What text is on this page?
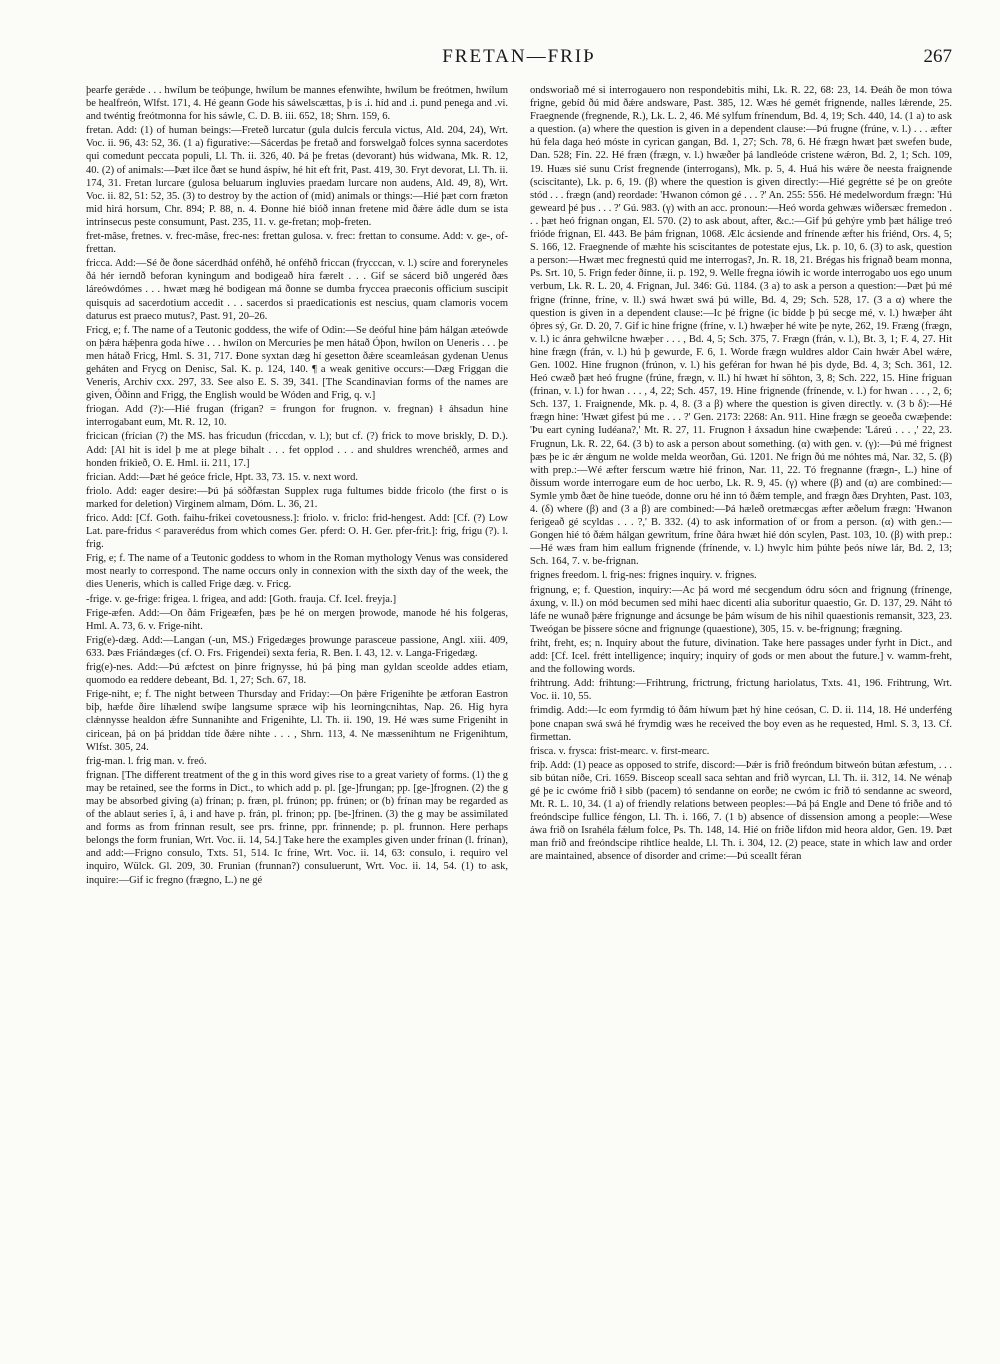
FRETAN—FRIÞ	267

þearfe gerǽde . . . hwílum be teóþunge, hwílum be mannes efenwihte, hwílum be freótmen, hwílum be healfreón, Wlfst. 171, 4. Hé geann Gode his sáwelscættas, þ is .i. híd and .i. pund penega and .vi. and twéntig freótmonna for his sáwle, C. D. B. iii. 652, 18; Shrn. 159, 6.

fretan. Add: (1) of human beings:—Freteð lurcatur (gula dulcis fercula victus, Ald. 204, 24), Wrt. Voc. ii. 96, 43: 52, 36. (1 a) figurative:—Sácerdas þe fretað and forswelgað folces synna sacerdotes qui comedunt peccata populi, Ll. Th. ii. 326, 40. Þá þe fretas (devorant) hús widwana, Mk. R. 12, 40. (2) of animals:—Þæt ilce ðæt se hund áspíw, hé hit eft frit, Past. 419, 30. Fryt devorat, Ll. Th. ii. 174, 31. Fretan lurcare (gulosa beluarum ingluvies praedam lurcare non audens, Ald. 49, 8), Wrt. Voc. ii. 82, 51: 52, 35. (3) to destroy by the action of (mid) animals or things:—Hié þæt corn fræton mid hirá horsum, Chr. 894; P. 88, n. 4. Ðonne hié bióð innan fretene mid ðǽre ádle dum se ista intrinsecus peste consumunt, Past. 235, 11. v. ge-fretan; moþ-freten.

fret-mâse, fretnes. v. frec-mâse, frec-nes: frettan gulosa. v. frec: frettan to consume. Add: v. ge-, of-frettan.

fricca. Add:—Sé ðe ðone sácerdhád onféhð, hé onféhð friccan (frycccan, v. l.) scíre and foreryneles ðá hér ierndð beforan kyningum and bodigeað híra færelt . . . Gif se sácerd bið ungeréd ðæs láreówdómes . . . hwæt mæg hé bodigean má ðonne se dumba fryccea praeconis officium suscipit quisquis ad sacerdotium accedit . . . sacerdos si praedicationis est nescius, quam clamoris vocem daturus est praeco mutus?, Past. 91, 20–26.

Fricg, e; f. The name of a Teutonic goddess, the wife of Odin:—Se deóful hine þám hálgan æteówde on þǽra hǽþenra goda híwe . . . hwílon on Mercuries þe men hátað Óþon, hwílon on Ueneris . . . þe men hátað Fricg, Hml. S. 31, 717. Ðone syxtan dæg hí gesetton ðǽre sceamleásan gydenan Uenus geháten and Frycg on Denisc, Sal. K. p. 124, 140. ¶ a weak genitive occurs:—Dæg Friggan die Veneris, Archiv cxx. 297, 33. See also E. S. 39, 341. [The Scandinavian forms of the names are given, Óðinn and Frigg, the English would be Wóden and Frig, q. v.]

friogan. Add (?):—Hié frugan (frigan? = frungon for frugnon. v. fregnan) ł áhsadun hine interrogabant eum, Mt. R. 12, 10.

fricican (frícian (?) the MS. has fricudun (friccdan, v. l.); but cf. (?) frick to move briskly, D. D.). Add: [Al hit is idel þ me at plege bihalt . . . fet opplod . . . and shuldres wrenchéð, armes and honden frikieð, O. E. Hml. ii. 211, 17.]

frician. Add:—Þæt hé geóce fricle, Hpt. 33, 73. 15. v. next word.

friolo. Add: eager desire:—Þú þá sóðfæstan Supplex ruga fultumes bidde fricolo (the first o is marked for deletion) Virginem almam, Dóm. L. 36, 21.

frico. Add: [Cf. Goth. faihu-frikei covetousness.]: friolo. v. friclo: frid-hengest. Add: [Cf. (?) Low Lat. pare-fridus < paraverédus from which comes Ger. pferd: O. H. Ger. pfer-frit.]: frig, frigu (?). l. frig.

Frig, e; f. The name of a Teutonic goddess to whom in the Roman mythology Venus was considered most nearly to correspond. The name occurs only in connexion with the sixth day of the week, the dies Ueneris, which is called Frige dæg. v. Fricg.

-frige. v. ge-frige: frigea. l. frigea, and add: [Goth. frauja. Cf. Icel. freyja.]

Frige-æfen. Add:—On ðám Frigeæfen, þæs þe hé on mergen þrowode, manode hé his folgeras, Hml. A. 73, 6. v. Frige-niht.

Frig(e)-dæg. Add:—Langan (-un, MS.) Frigedæges þrowunge parasceue passione, Angl. xiii. 409, 633. Þæs Friándæges (cf. O. Frs. Frigendei) sexta feria, R. Ben. I. 43, 12. v. Langa-Frigedæg.

frig(e)-nes. Add:—Þú æfctest on þinre frignysse, hú þá þing man gyldan sceolde addes etiam, quomodo ea reddere debeant, Bd. 1, 27; Sch. 67, 18.

Frige-niht, e; f. The night between Thursday and Friday:—On þǽre Frigenihte þe ætforan Eastron biþ, hæfde ðire líhælend swíþe langsume spræce wiþ his leorningcnihtas, Nap. 26. Hig hyra clǽnnysse healdon ǽfre Sunnanihte and Frigenihte, Ll. Th. ii. 190, 19. Hé wæs sume Frigeniht in ciricean, þá on þá þriddan tíde ðǽre nihte . . . , Shrn. 113, 4. Ne mæssenihtum ne Frigenihtum, Wlfst. 305, 24.

frig-man. l. frig man. v. freó.

frignan. [The different treatment of the g in this word gives rise to a great variety of forms. (1) the g may be retained, see the forms in Dict., to which add p. pl. [ge-]frungan; pp. [ge-]frognen. (2) the g may be absorbed giving (a) frínan; p. fræn, pl. frúnon; pp. frúnen; or (b) frínan may be regarded as of the ablaut series î, â, i and have p. frán, pl. frinon; pp. [be-]frinen. (3) the g may be assimilated and forms as from frinnan result, see prs. frinne, ppr. frinnende; p. pl. frunnon. Here perhaps belongs the form frunian, Wrt. Voc. ii. 14, 54.] Take here the examples given under frínan (l. frínan), and add:—Frigno consulo, Txts. 51, 514. Ic fríne, Wrt. Voc. ii. 14, 63: consulo, i. requiro vel inquiro, Wülck. Gl. 209, 30. Frunian (frunnan?) consuluerunt, Wrt. Voc. ii. 14, 54. (1) to ask, inquire:—Gif ic fregno (frægno, L.) ne gé

ondsworiað mé si interrogauero non respondebitis mihi, Lk. R. 22, 68: 23, 14. Ðeáh ðe mon tówa frigne, gebíd ðú mid ðǽre andsware, Past. 385, 12. Wæs hé gemét frignende, nalles lǽrende, 25. Fraegnende (fregnende, R.), Lk. L. 2, 46. Mé sylfum frínendum, Bd. 4, 19; Sch. 440, 14. (1 a) to ask a question. (a) where the question is given in a dependent clause:—Þú frugne (frúne, v. l.) . . . æfter hú fela daga heó móste in cyrican gangan, Bd. 1, 27; Sch. 78, 6. Hé frægn hwæt þæt swefen bude, Dan. 528; Fin. 22. Hé fræn (frægn, v. l.) hwæðer þá landleóde cristene wǽron, Bd. 2, 1; Sch. 109, 19. Huæs sié sunu Críst fregnende (interrogans), Mk. p. 5, 4. Huá his wǽre ðe neesta fraignende (sciscitante), Lk. p. 6, 19. (β) where the question is given directly:—Hié gegrétte sé þe on greóte stód . . . frægn (and) reordade: 'Hwanon cómon gé . . . ?' An. 255: 556. Hé medelwordum frægn: 'Hú geweard þé þus . . . ?' Gú. 983. (γ) with an acc. pronoun:—Heó worda gehwæs wiðersæc fremedon . . . þæt heó frignan ongan, El. 570. (2) to ask about, after, &c.:—Gif þú gehýre ymb þæt hálige treó frióde frignan, El. 443. Be þám frignan, 1068. Ælc ácsiende and frínende æfter his friénd, Ors. 4, 5; S. 166, 12. Fraegnende of mæhte his sciscitantes de potestate ejus, Lk. p. 10, 6. (3) to ask, question a person:—Hwæt mec fregnestú quid me interrogas?, Jn. R. 18, 21. Brégas his frignað beam monna, Ps. Srt. 10, 5. Frign feder ðínne, ii. p. 192, 9. Welle fregna iówih ic worde interrogabo uos ego unum verbum, Lk. R. L. 20, 4. Frignan, Jul. 346: Gú. 1184. (3 a) to ask a person a question:—Þæt þú mé frigne (frínne, fríne, v. ll.) swá hwæt swá þú wille, Bd. 4, 29; Sch. 528, 17. (3 a α) where the question is given in a dependent clause:—Ic þé frigne (ic bidde þ þú secge mé, v. l.) hwæþer áht óþres sý, Gr. D. 20, 7. Gif ic hine frigne (fríne, v. l.) hwæþer hé wite þe nyte, 262, 19. Fræng (frægn, v. l.) ic ánra gehwilcne hwæþer . . . , Bd. 4, 5; Sch. 375, 7. Frægn (frán, v. l.), Bt. 3, 1; F. 4, 27. Hit hine frægn (frán, v. l.) hú þ gewurde, F. 6, 1. Worde frægn wuldres aldor Cain hwǽr Abel wǽre, Gen. 1002. Hine frugnon (frúnon, v. l.) his geféran for hwan hé þis dyde, Bd. 4, 3; Sch. 361, 12. Heó cwæð þæt heó frugne (frúne, frægn, v. ll.) hí hwæt hí söhton, 3, 8; Sch. 222, 15. Hine friguan (frinan, v. l.) for hwan . . . , 4, 22; Sch. 457, 19. Hine frignende (frínende, v. l.) for hwan . . . , 2, 6; Sch. 137, 1. Fraignende, Mk. p. 4, 8. (3 a β) where the question is given directly. v. (3 b δ):—Hé frægn hine: 'Hwæt gifest þú me . . . ?' Gen. 2173: 2268: An. 911. Hine frægn se geoeða cwæþende: 'Þu eart cyning Iudéana?,' Mt. R. 27, 11. Frugnon ł áxsadun hine cwæþende: 'Láreú . . . ,' 22, 23. Frugnun, Lk. R. 22, 64. (3 b) to ask a person about something. (α) with gen. v. (γ):—Þú mé frignest þæs þe ic ǽr ǽngum ne wolde melda weorðan, Gú. 1201. Ne frign ðú me nóhtes má, Nar. 32, 5. (β) with prep.:—Wé æfter ferscum wætre hié frinon, Nar. 11, 22. Tó fregnanne (frægn-, L.) hine of ðissum worde interrogare eum de hoc uerbo, Lk. R. 9, 45. (γ) where (β) and (α) are combined:—Symle ymb ðæt ðe hine tueóde, donne oru hé inn tó ðǽm temple, and frægn ðæs Dryhten, Past. 103, 4. (δ) where (β) and (3 a β) are combined:—Þá hæleð oretmæcgas æfter æðelum frægn: 'Hwanon ferigeað gé scyldas . . . ?,' B. 332. (4) to ask information of or from a person. (α) with gen.:—Gongen hié tó ðǽm hálgan gewritum, fríne ðára hwæt hié dón scylen, Past. 103, 10. (β) with prep.:—Hé wæs fram him eallum frignende (frínende, v. l.) hwylc him þúhte þeós níwe lár, Bd. 2, 13; Sch. 164, 7. v. be-frignan.

frignes freedom. l. frig-nes: frignes inquiry. v. frignes.

frignung, e; f. Question, inquiry:—Ac þá word mé secgendum ódru sócn and frignung (frínenge, áxung, v. ll.) on mód becumen sed mihi haec dicenti alia suboritur quaestio, Gr. D. 137, 29. Náht tó láfe ne wunað þǽre frignunge and ácsunge be þám wísum de his nihil quaestionis remansit, 323, 23. Tweógan be þissere sócne and frignunge (quaestione), 305, 15. v. be-frignung; frægning.

friht, freht, es; n. Inquiry about the future, divination. Take here passages under fyrht in Dict., and add: [Cf. Icel. frétt intelligence; inquiry; inquiry of gods or men about the future.] v. wamm-freht, and the following words.

frihtrung. Add: frihtung:—Frihtrung, frictrung, frictung hariolatus, Txts. 41, 196. Frihtrung, Wrt. Voc. ii. 10, 55.

frimdig. Add:—Ic eom fyrmdig tó ðám híwum þæt hý hine ceósan, C. D. ii. 114, 18. Hé underféng þone cnapan swá swá hé frymdig wæs he received the boy even as he requested, Hml. S. 3, 13. Cf. firmettan.

frisca. v. frysca: frist-mearc. v. first-mearc.

friþ. Add: (1) peace as opposed to strife, discord:—Þǽr is frið freóndum bitweón bútan æfestum, . . . sib bútan níðe, Cri. 1659. Bisceop sceall saca sehtan and frið wyrcan, Ll. Th. ii. 312, 14. Ne wénaþ gé þe ic cwóme frið ł sibb (pacem) tó sendanne on eorðe; ne cwóm ic frið tó sendanne ac sweord, Mt. R. L. 10, 34. (1 a) of friendly relations between peoples:—Þá þá Engle and Dene tó friðe and tó freóndscipe fullice féngon, Ll. Th. i. 166, 7. (1 b) absence of dissension among a people:—Wese áwa frið on Israhéla fǽlum folce, Ps. Th. 148, 14. Hié on friðe lifdon mid heora aldor, Gen. 19. Þæt man frið and freóndscipe rihtlíce healde, Ll. Th. i. 304, 12. (2) peace, state in which law and order are maintained, absence of disorder and crime:—Þú sceallt féran
